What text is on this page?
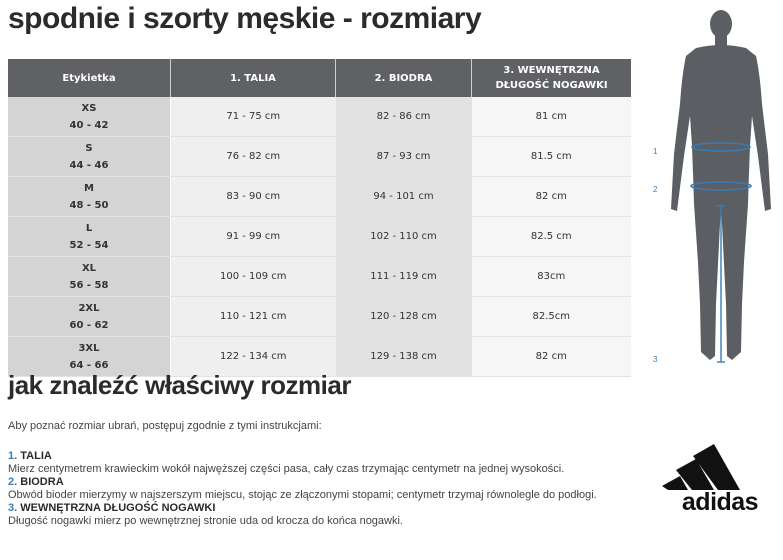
spodnie i szorty męskie - rozmiary
Etykietka	1. TALIA	2. BIODRA	3. WEWNĘTRZNA DŁUGOŚĆ NOGAWKI

XS
40 - 42	71 - 75 cm	82 - 86 cm	81 cm

S
44 - 46	76 - 82 cm	87 - 93 cm	81.5 cm

M
48 - 50	83 - 90 cm	94 - 101 cm	82 cm

L
52 - 54	91 - 99 cm	102 - 110 cm	82.5 cm

XL
56 - 58	100 - 109 cm	111 - 119 cm	83cm

2XL
60 - 62	110 - 121 cm	120 - 128 cm	82.5cm

3XL
64 - 66	122 - 134 cm	129 - 138 cm	82 cm
1
2
3
jak znaleźć właściwy rozmiar
Aby poznać rozmiar ubrań, postępuj zgodnie z tymi instrukcjami:
1. TALIA
Mierz centymetrem krawieckim wokół najwęższej części pasa, cały czas trzymając centymetr na jednej wysokości.
2. BIODRA
Obwód bioder mierzymy w najszerszym miejscu, stojąc ze złączonymi stopami; centymetr trzymaj równolegle do podłogi.
3. WEWNĘTRZNA DŁUGOŚĆ NOGAWKI
Długość nogawki mierz po wewnętrznej stronie uda od krocza do końca nogawki.
adidas
